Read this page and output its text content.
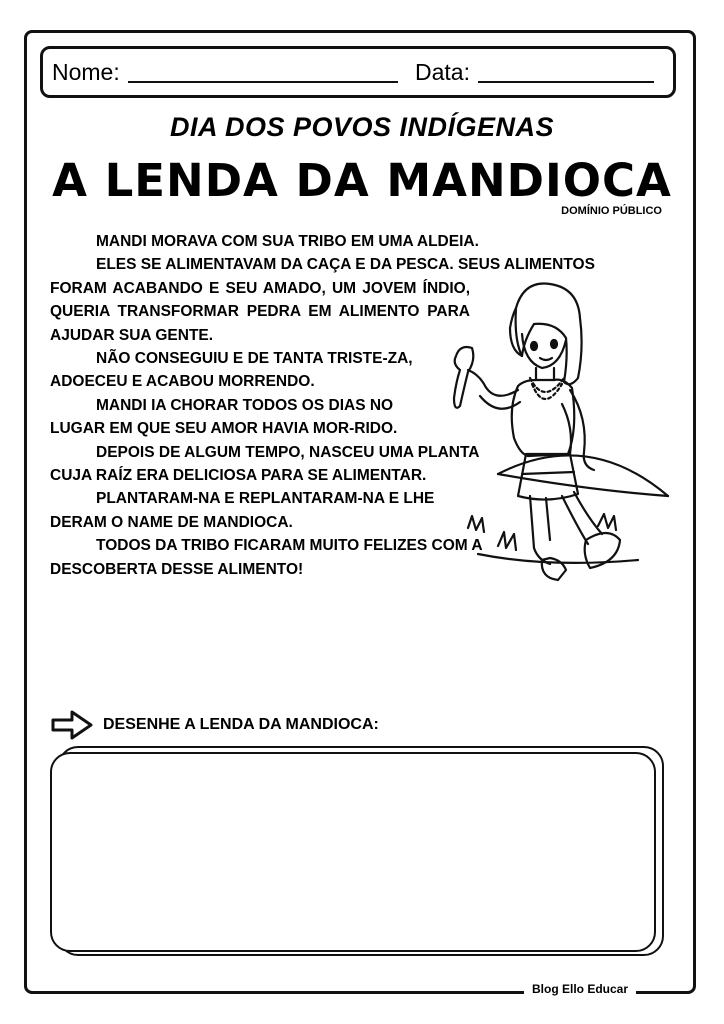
Nome:	Data:
DIA DOS POVOS INDÍGENAS
A LENDA DA MANDIOCA
DOMÍNIO PÚBLICO

MANDI MORAVA COM SUA TRIBO EM UMA ALDEIA.

ELES SE ALIMENTAVAM DA CAÇA E DA PESCA. SEUS ALIMENTOS

FORAM ACABANDO E SEU AMADO, UM JOVEM ÍNDIO, QUERIA TRANSFORMAR PEDRA EM ALIMENTO PARA AJUDAR SUA GENTE.

NÃO CONSEGUIU E DE TANTA TRISTE-ZA, ADOECEU E ACABOU MORRENDO.

MANDI IA CHORAR TODOS OS DIAS NO LUGAR EM QUE SEU AMOR HAVIA MOR-RIDO.

DEPOIS DE ALGUM TEMPO, NASCEU UMA PLANTA CUJA RAÍZ ERA DELICIOSA PARA SE ALIMENTAR.

PLANTARAM-NA E REPLANTARAM-NA E LHE DERAM O NAME DE MANDIOCA.

TODOS DA TRIBO FICARAM MUITO FELIZES COM A DESCOBERTA DESSE ALIMENTO!

DESENHE A LENDA DA MANDIOCA:
Blog Ello Educar
